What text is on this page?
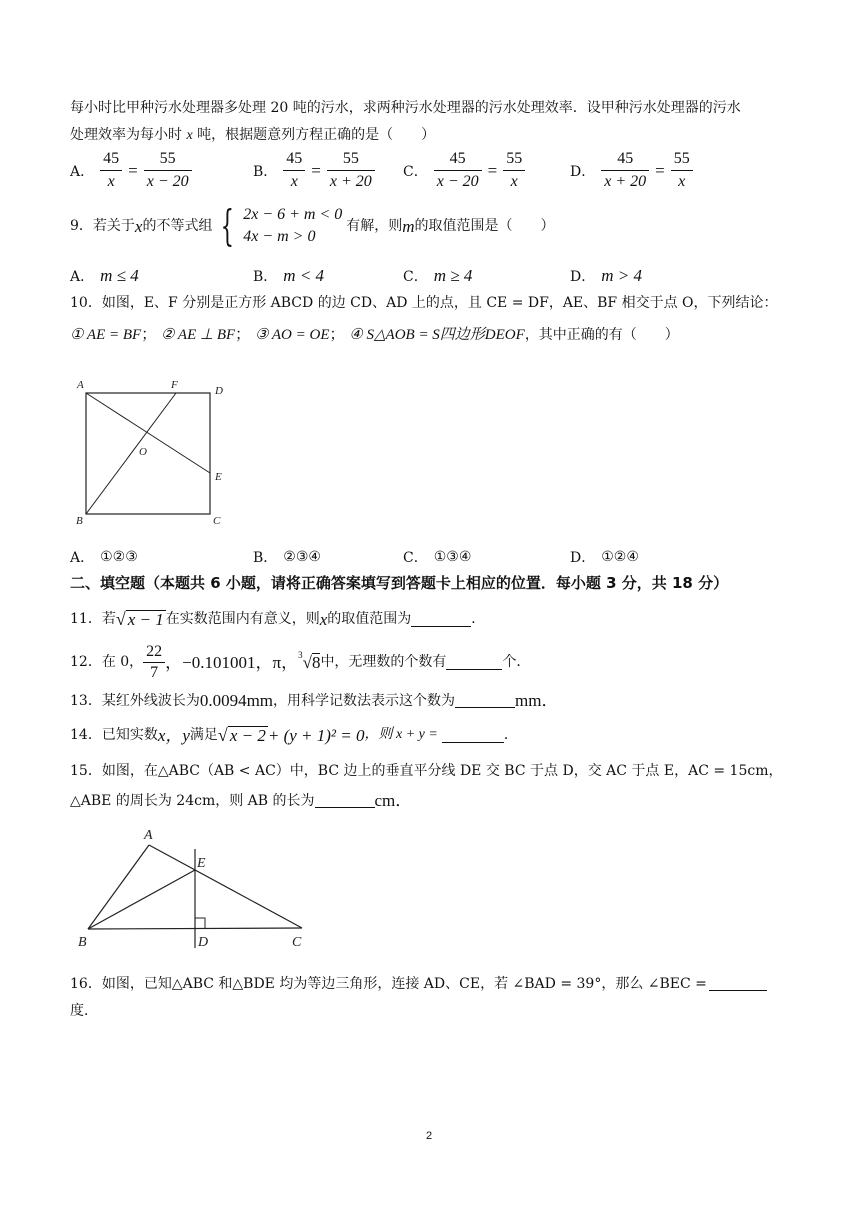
每小时比甲种污水处理器多处理 20 吨的污水，求两种污水处理器的污水处理效率．设甲种污水处理器的污水
处理效率为每小时 x 吨，根据题意列方程正确的是（　　）
A． $\frac{45}{x} = \frac{55}{x - 20}$	B． $\frac{45}{x} = \frac{55}{x + 20}$ C． $\frac{45}{x - 20} = \frac{55}{x}$	D． $\frac{45}{x + 20} = \frac{55}{x}$
9．若关于 x 的不等式组 { 2x − 6 + m < 0
4x − m > 0
有解，则 m 的取值范围是（　　）
A． m ≤ 4	B． m < 4	C． m ≥ 4	D． m > 4
10．如图，E、F 分别是正方形 ABCD 的边 CD、AD 上的点，且 CE = DF，AE、BF 相交于点 O，下列结论：
① AE = BF； ② AE ⊥ BF； ③ AO = OE； ④ S△AOB = S四边形DEOF，其中正确的有（　　）
A	F	D
O
E
B	C
A． ①②③	B． ②③④	C． ①③④	D． ①②④
二、填空题（本题共 6 小题，请将正确答案填写到答题卡上相应的位置．每小题 3 分，共 18 分）
11．若 √ x − 1 在实数范围内有意义，则 x 的取值范围为	．
12．在 0， $\frac{22}{7}$ ，−0.101001，π， 3 √ 8 中，无理数的个数有	个．
13．某红外线波长为 0.0094mm ，用科学记数法表示这个数为	mm．
14．已知实数 x，y 满足 √ x − 2 + (y + 1)² = 0 ，则 x + y =	．
15．如图，在△ABC（AB < AC）中，BC 边上的垂直平分线 DE 交 BC 于点 D，交 AC 于点 E，AC = 15cm，
△ABE 的周长为 24cm，则 AB 的长为	cm．
A
E
B	D	C
16．如图，已知△ABC 和△BDE 均为等边三角形，连接 AD、CE，若 ∠BAD = 39°，那么 ∠BEC =
度．
2
